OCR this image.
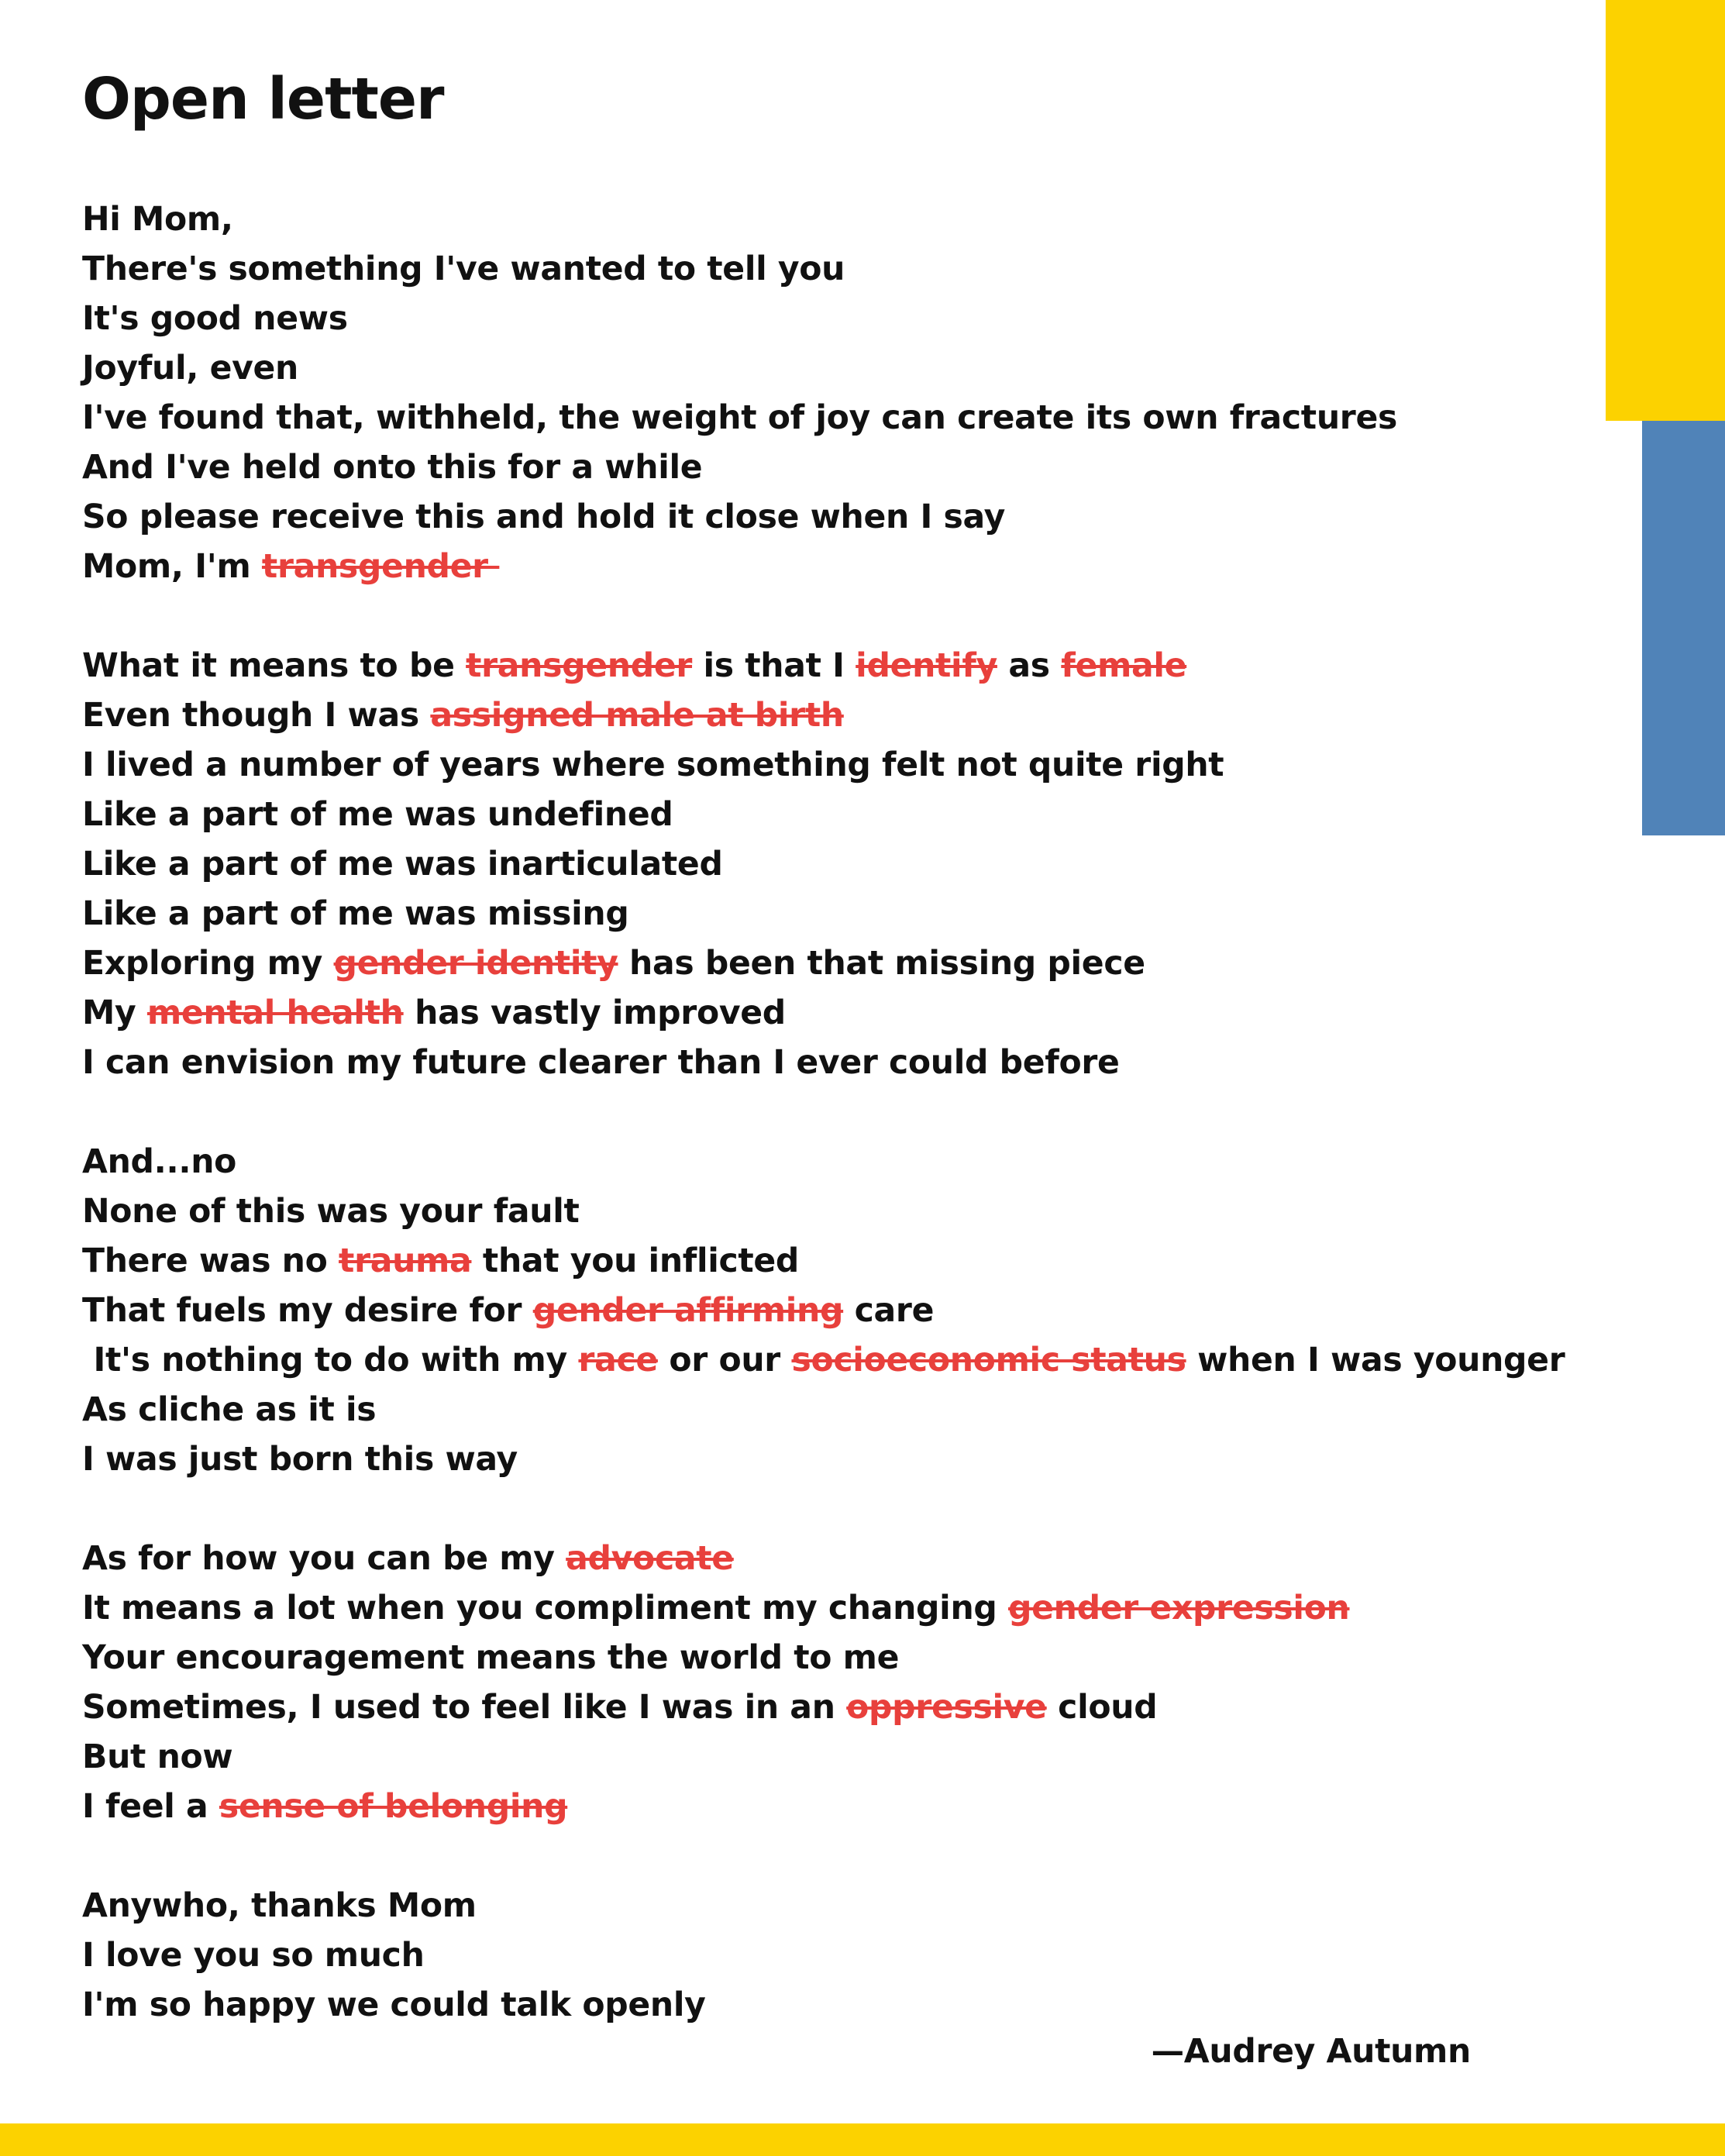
Open letter
Hi Mom,
There's something I've wanted to tell you
It's good news
Joyful, even
I've found that, withheld, the weight of joy can create its own fractures
And I've held onto this for a while
So please receive this and hold it close when I say
Mom, I'm transgender
What it means to be transgender is that I identify as female
Even though I was assigned male at birth
I lived a number of years where something felt not quite right
Like a part of me was undefined
Like a part of me was inarticulated
Like a part of me was missing
Exploring my gender identity has been that missing piece
My mental health has vastly improved
I can envision my future clearer than I ever could before
And...no
None of this was your fault
There was no trauma that you inflicted
That fuels my desire for gender affirming care
It's nothing to do with my race or our socioeconomic status when I was younger
As cliche as it is
I was just born this way
As for how you can be my advocate
It means a lot when you compliment my changing gender expression
Your encouragement means the world to me
Sometimes, I used to feel like I was in an oppressive cloud
But now
I feel a sense of belonging
Anywho, thanks Mom
I love you so much
I'm so happy we could talk openly
—Audrey Autumn
